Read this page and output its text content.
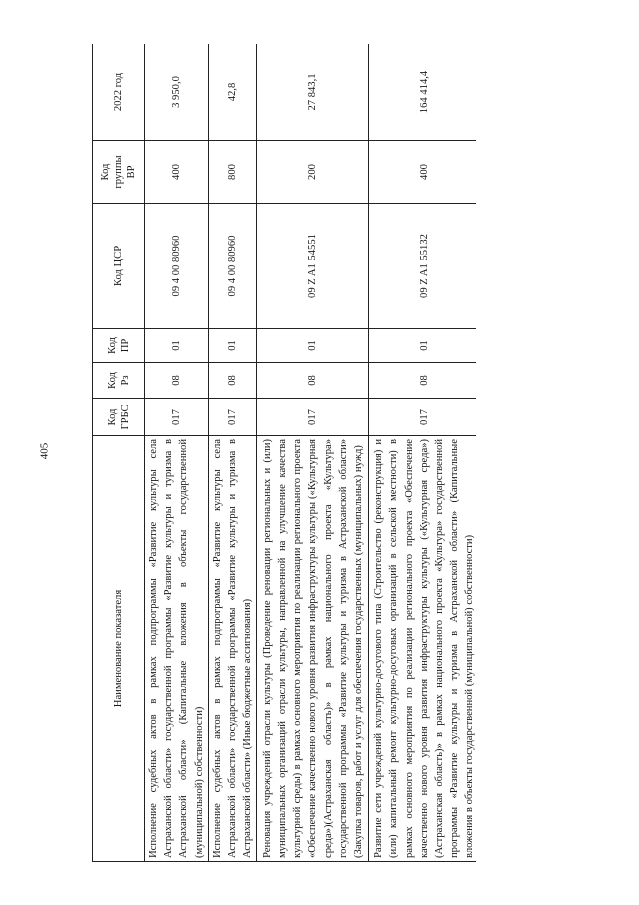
405
Наименование показателя	Код ГРБС	Код Рз	Код ПР	Код ЦСР	Код группы ВР	2022 год
Исполнение судебных актов в рамках подпрограммы «Развитие культуры села Астраханской области» государственной программы «Развитие культуры и туризма в Астраханской области» (Капитальные вложения в объекты государственной (муниципальной) собственности)	017	08	01	09 4 00 80960	400	3 950,0
Исполнение судебных актов в рамках подпрограммы «Развитие культуры села Астраханской области» государственной программы «Развитие культуры и туризма в Астраханской области» (Иные бюджетные ассигнования)	017	08	01	09 4 00 80960	800	42,8
Реновация учреждений отрасли культуры (Проведение реновации региональных и (или) муниципальных организаций отрасли культуры, направленной на улучшение качества культурной среды) в рамках основного мероприятия по реализации регионального проекта «Обеспечение качественно нового уровня развития инфраструктуры культуры («Культурная среда»)(Астраханская область)» в рамках национального проекта «Культура» государственной программы «Развитие культуры и туризма в Астраханской области» (Закупка товаров, работ и услуг для обеспечения государственных (муниципальных) нужд)	017	08	01	09 Z A1 54551	200	27 843,1
Развитие сети учреждений культурно-досугового типа (Строительство (реконструкция) и (или) капитальный ремонт культурно-досуговых организаций в сельской местности) в рамках основного мероприятия по реализации регионального проекта «Обеспечение качественно нового уровня развития инфраструктуры культуры («Культурная среда») (Астраханская область)» в рамках национального проекта «Культура» государственной программы «Развитие культуры и туризма в Астраханской области» (Капитальные вложения в объекты государственной (муниципальной) собственности)	017	08	01	09 Z A1 55132	400	164 414,4
